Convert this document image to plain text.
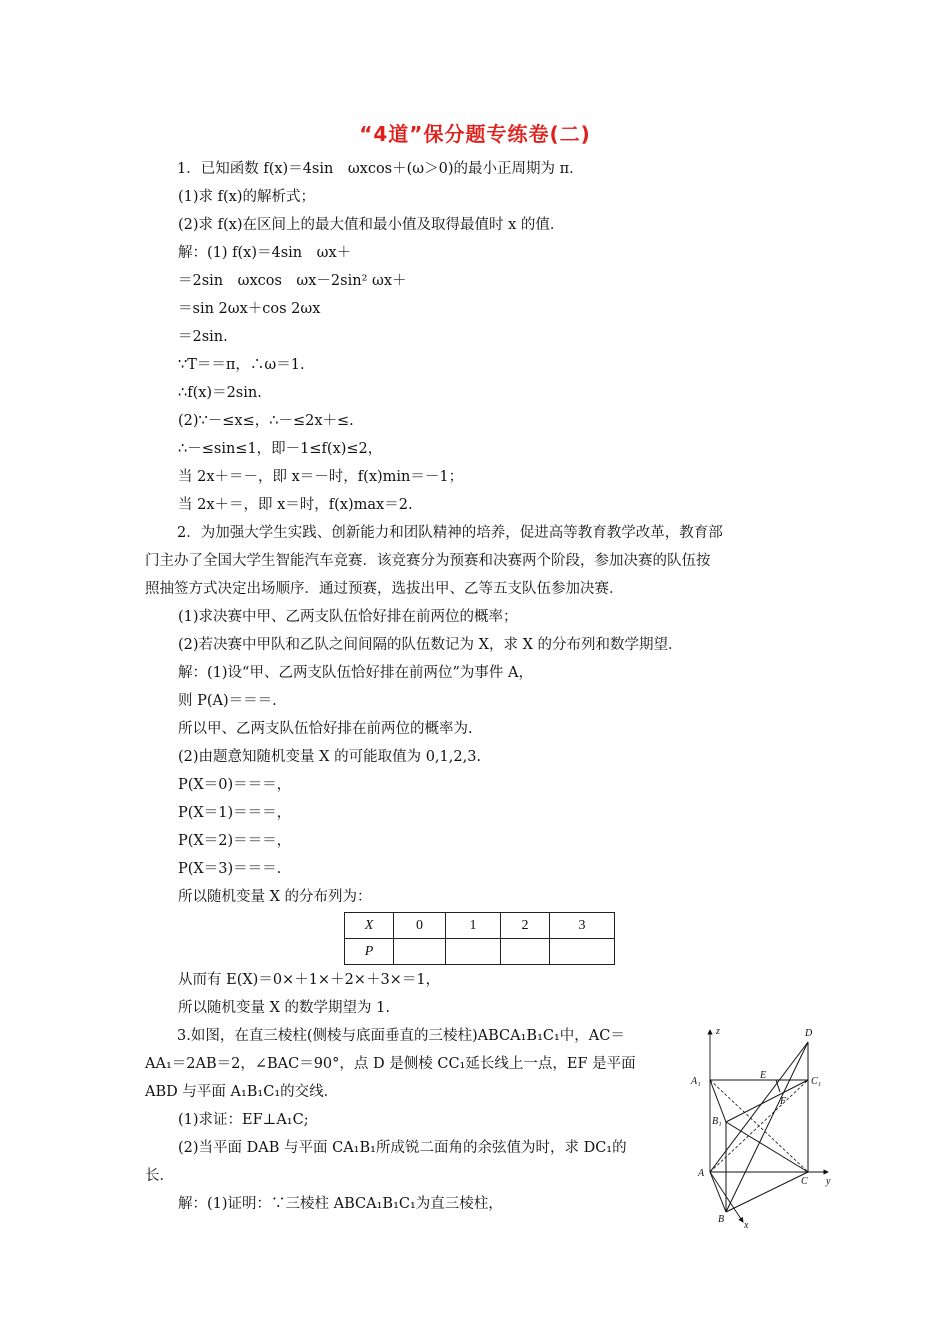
“4道”保分题专练卷(二)
1．已知函数 f(x)＝4sin　ωxcos＋(ω＞0)的最小正周期为 π．
(1)求 f(x)的解析式；
(2)求 f(x)在区间上的最大值和最小值及取得最值时 x 的值．
解：(1) f(x)＝4sin　ωx＋
＝2sin　ωxcos　ωx－2sin² ωx＋
＝sin 2ωx＋cos 2ωx
＝2sin.
∵T＝＝π，∴ω＝1.
∴f(x)＝2sin.
(2)∵－≤x≤，∴－≤2x＋≤.
∴－≤sin≤1，即－1≤f(x)≤2，
当 2x＋＝－，即 x＝－时，f(x)min＝－1；
当 2x＋＝，即 x＝时，f(x)max＝2.
2．为加强大学生实践、创新能力和团队精神的培养，促进高等教育教学改革，教育部
门主办了全国大学生智能汽车竞赛．该竞赛分为预赛和决赛两个阶段，参加决赛的队伍按
照抽签方式决定出场顺序．通过预赛，选拔出甲、乙等五支队伍参加决赛．
(1)求决赛中甲、乙两支队伍恰好排在前两位的概率；
(2)若决赛中甲队和乙队之间间隔的队伍数记为 X，求 X 的分布列和数学期望．
解：(1)设“甲、乙两支队伍恰好排在前两位”为事件 A，
则 P(A)＝＝＝.
所以甲、乙两支队伍恰好排在前两位的概率为.
(2)由题意知随机变量 X 的可能取值为 0,1,2,3.
P(X＝0)＝＝＝，
P(X＝1)＝＝＝，
P(X＝2)＝＝＝，
P(X＝3)＝＝＝.
所以随机变量 X 的分布列为：
从而有 E(X)＝0×＋1×＋2×＋3×＝1，
所以随机变量 X 的数学期望为 1.
3.如图，在直三棱柱(侧棱与底面垂直的三棱柱)ABCA₁B₁C₁中，AC＝
AA₁＝2AB＝2，∠BAC＝90°，点 D 是侧棱 CC₁延长线上一点，EF 是平面
ABD 与平面 A₁B₁C₁的交线．
(1)求证：EF⊥A₁C;
(2)当平面 DAB 与平面 CA₁B₁所成锐二面角的余弦值为时，求 DC₁的
长．
解：(1)证明：∵三棱柱 ABCA₁B₁C₁为直三棱柱，
X	0	1	2	3
P				
D
z
A₁
E
C₁
F
B₁
A
C y
B
x
